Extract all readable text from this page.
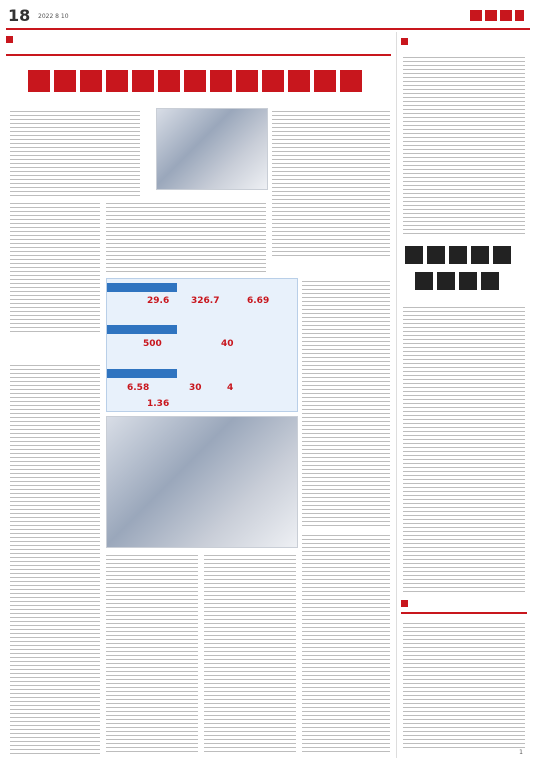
18 2022 8 10
29.6 326.7	6.69
500	40
6.58	30	4
1.36
1
